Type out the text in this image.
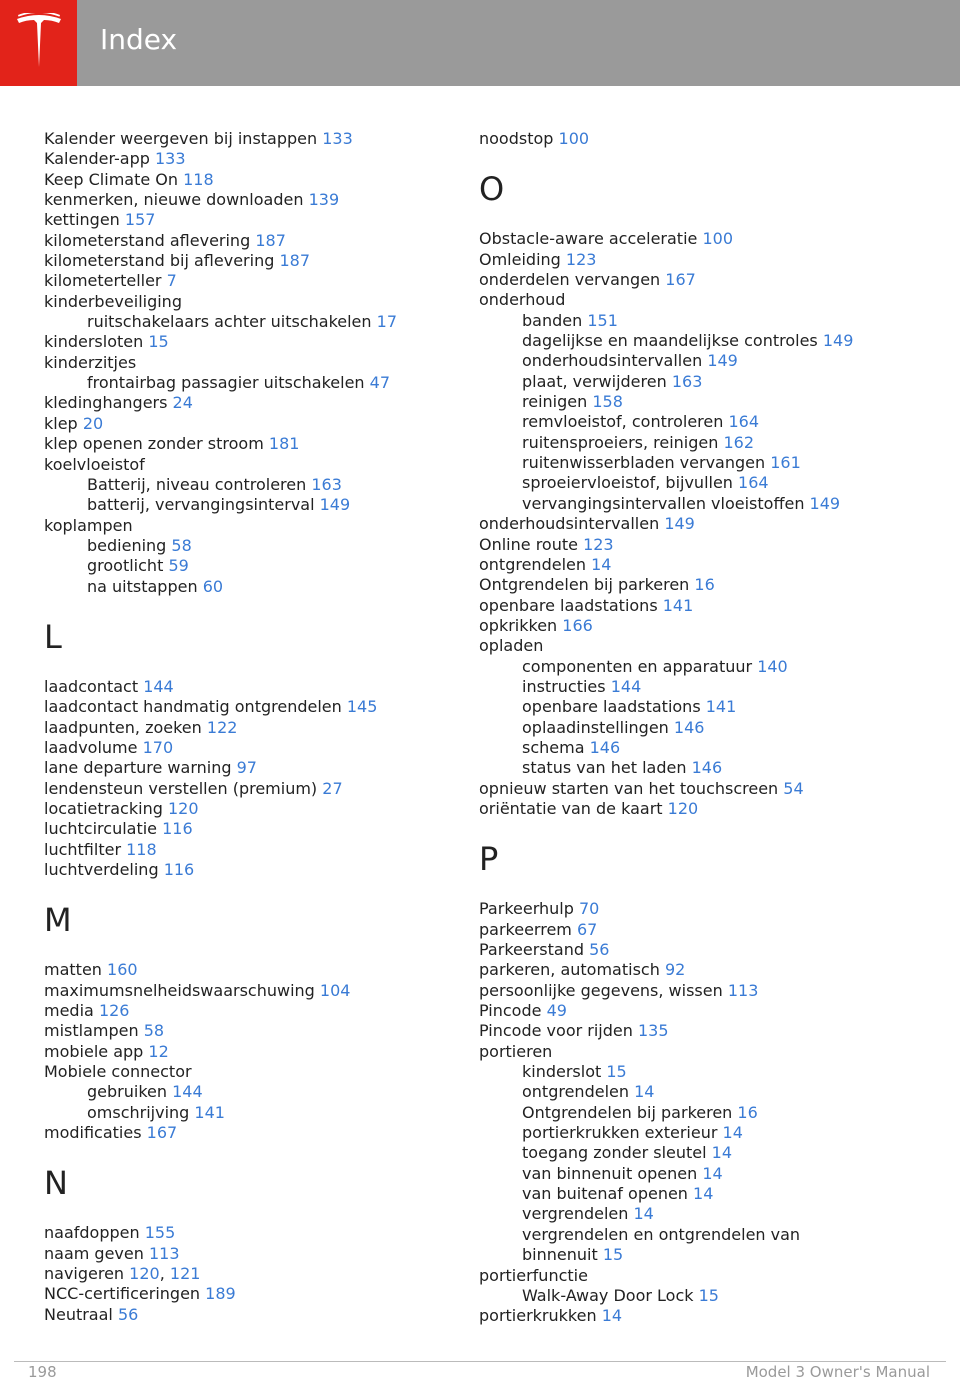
Index
Kalender weergeven bij instappen 133
Kalender-app 133
Keep Climate On 118
kenmerken, nieuwe downloaden 139
kettingen 157
kilometerstand aflevering 187
kilometerstand bij aflevering 187
kilometerteller 7
kinderbeveiliging
ruitschakelaars achter uitschakelen 17
kindersloten 15
kinderzitjes
frontairbag passagier uitschakelen 47
kledinghangers 24
klep 20
klep openen zonder stroom 181
koelvloeistof
Batterij, niveau controleren 163
batterij, vervangingsinterval 149
koplampen
bediening 58
grootlicht 59
na uitstappen 60
L
laadcontact 144
laadcontact handmatig ontgrendelen 145
laadpunten, zoeken 122
laadvolume 170
lane departure warning 97
lendensteun verstellen (premium) 27
locatietracking 120
luchtcirculatie 116
luchtfilter 118
luchtverdeling 116
M
matten 160
maximumsnelheidswaarschuwing 104
media 126
mistlampen 58
mobiele app 12
Mobiele connector
gebruiken 144
omschrijving 141
modificaties 167
N
naafdoppen 155
naam geven 113
navigeren 120, 121
NCC-certificeringen 189
Neutraal 56
noodstop 100
O
Obstacle-aware acceleratie 100
Omleiding 123
onderdelen vervangen 167
onderhoud
banden 151
dagelijkse en maandelijkse controles 149
onderhoudsintervallen 149
plaat, verwijderen 163
reinigen 158
remvloeistof, controleren 164
ruitensproeiers, reinigen 162
ruitenwisserbladen vervangen 161
sproeiervloeistof, bijvullen 164
vervangingsintervallen vloeistoffen 149
onderhoudsintervallen 149
Online route 123
ontgrendelen 14
Ontgrendelen bij parkeren 16
openbare laadstations 141
opkrikken 166
opladen
componenten en apparatuur 140
instructies 144
openbare laadstations 141
oplaadinstellingen 146
schema 146
status van het laden 146
opnieuw starten van het touchscreen 54
oriëntatie van de kaart 120
P
Parkeerhulp 70
parkeerrem 67
Parkeerstand 56
parkeren, automatisch 92
persoonlijke gegevens, wissen 113
Pincode 49
Pincode voor rijden 135
portieren
kinderslot 15
ontgrendelen 14
Ontgrendelen bij parkeren 16
portierkrukken exterieur 14
toegang zonder sleutel 14
van binnenuit openen 14
van buitenaf openen 14
vergrendelen 14
vergrendelen en ontgrendelen van
binnenuit 15
portierfunctie
Walk-Away Door Lock 15
portierkrukken 14
198	Model 3 Owner's Manual
